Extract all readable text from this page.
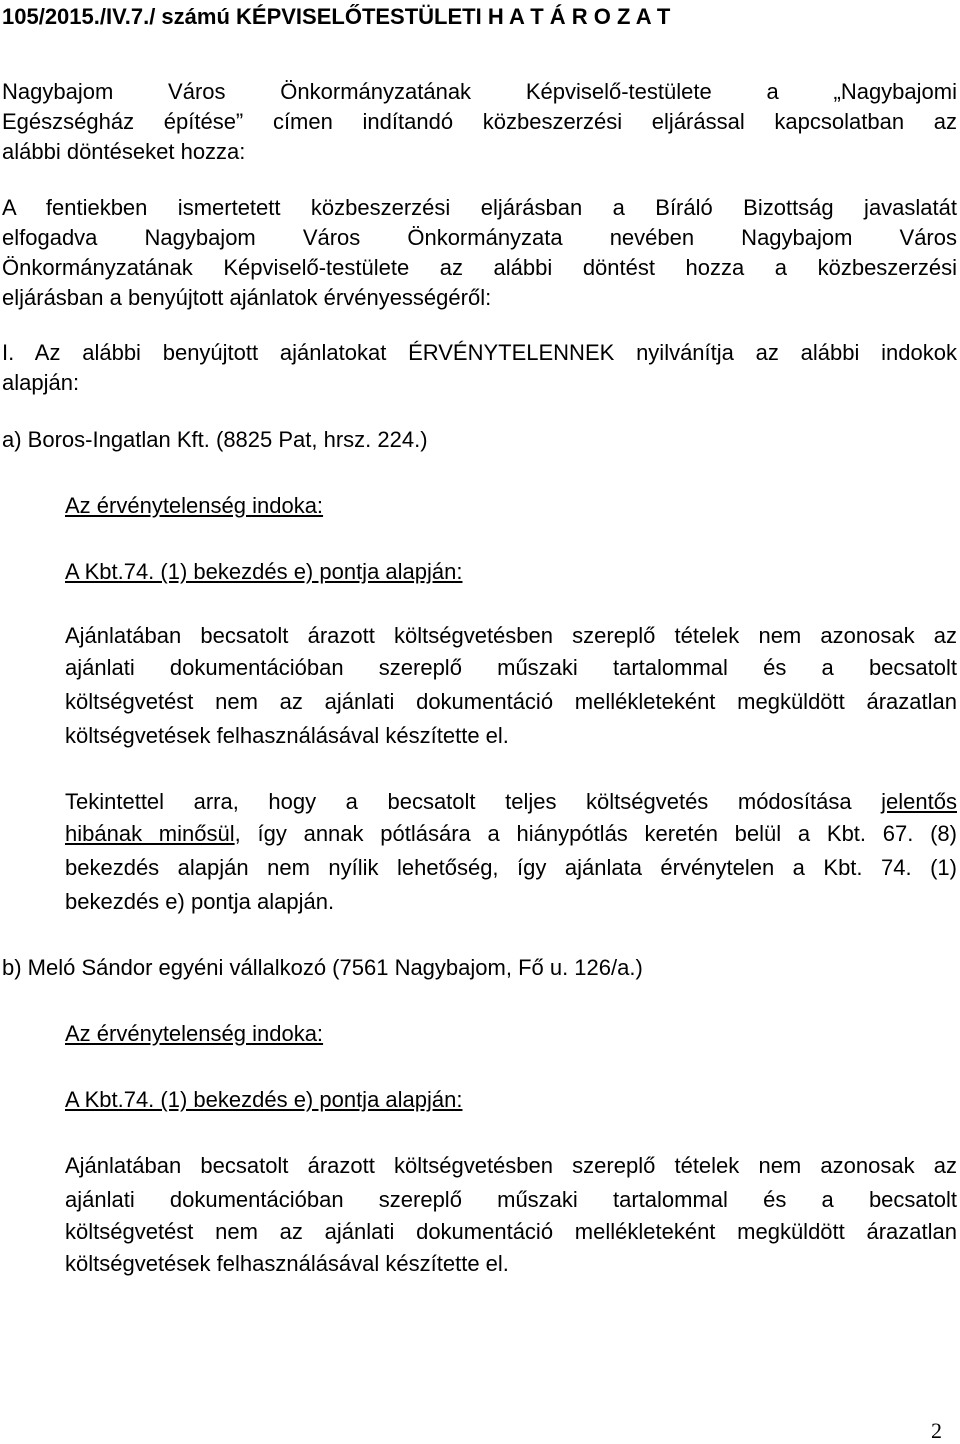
105/2015./IV.7./ számú KÉPVISELŐTESTÜLETI H A T Á R O Z A T
Nagybajom Város Önkormányzatának Képviselő-testülete a „Nagybajomi
Egészségház építése” címen indítandó közbeszerzési eljárással kapcsolatban az
alábbi döntéseket hozza:
A fentiekben ismertetett közbeszerzési eljárásban a Bíráló Bizottság javaslatát
elfogadva Nagybajom Város Önkormányzata nevében Nagybajom Város
Önkormányzatának Képviselő-testülete az alábbi döntést hozza a közbeszerzési
eljárásban a benyújtott ajánlatok érvényességéről:
I. Az alábbi benyújtott ajánlatokat ÉRVÉNYTELENNEK nyilvánítja az alábbi indokok
alapján:
a) Boros-Ingatlan Kft. (8825 Pat, hrsz. 224.)
Az érvénytelenség indoka:
A Kbt.74. (1) bekezdés e) pontja alapján:
Ajánlatában becsatolt árazott költségvetésben szereplő tételek nem azonosak az
ajánlati dokumentációban szereplő műszaki tartalommal és a becsatolt
költségvetést nem az ajánlati dokumentáció mellékleteként megküldött árazatlan
költségvetések felhasználásával készítette el.
Tekintettel arra, hogy a becsatolt teljes költségvetés módosítása jelentős
hibának minősül, így annak pótlására a hiánypótlás keretén belül a Kbt. 67. (8)
bekezdés alapján nem nyílik lehetőség, így ajánlata érvénytelen a Kbt. 74. (1)
bekezdés e) pontja alapján.
b) Meló Sándor egyéni vállalkozó (7561 Nagybajom, Fő u. 126/a.)
Az érvénytelenség indoka:
A Kbt.74. (1) bekezdés e) pontja alapján:
Ajánlatában becsatolt árazott költségvetésben szereplő tételek nem azonosak az
ajánlati dokumentációban szereplő műszaki tartalommal és a becsatolt
költségvetést nem az ajánlati dokumentáció mellékleteként megküldött árazatlan
költségvetések felhasználásával készítette el.
2
